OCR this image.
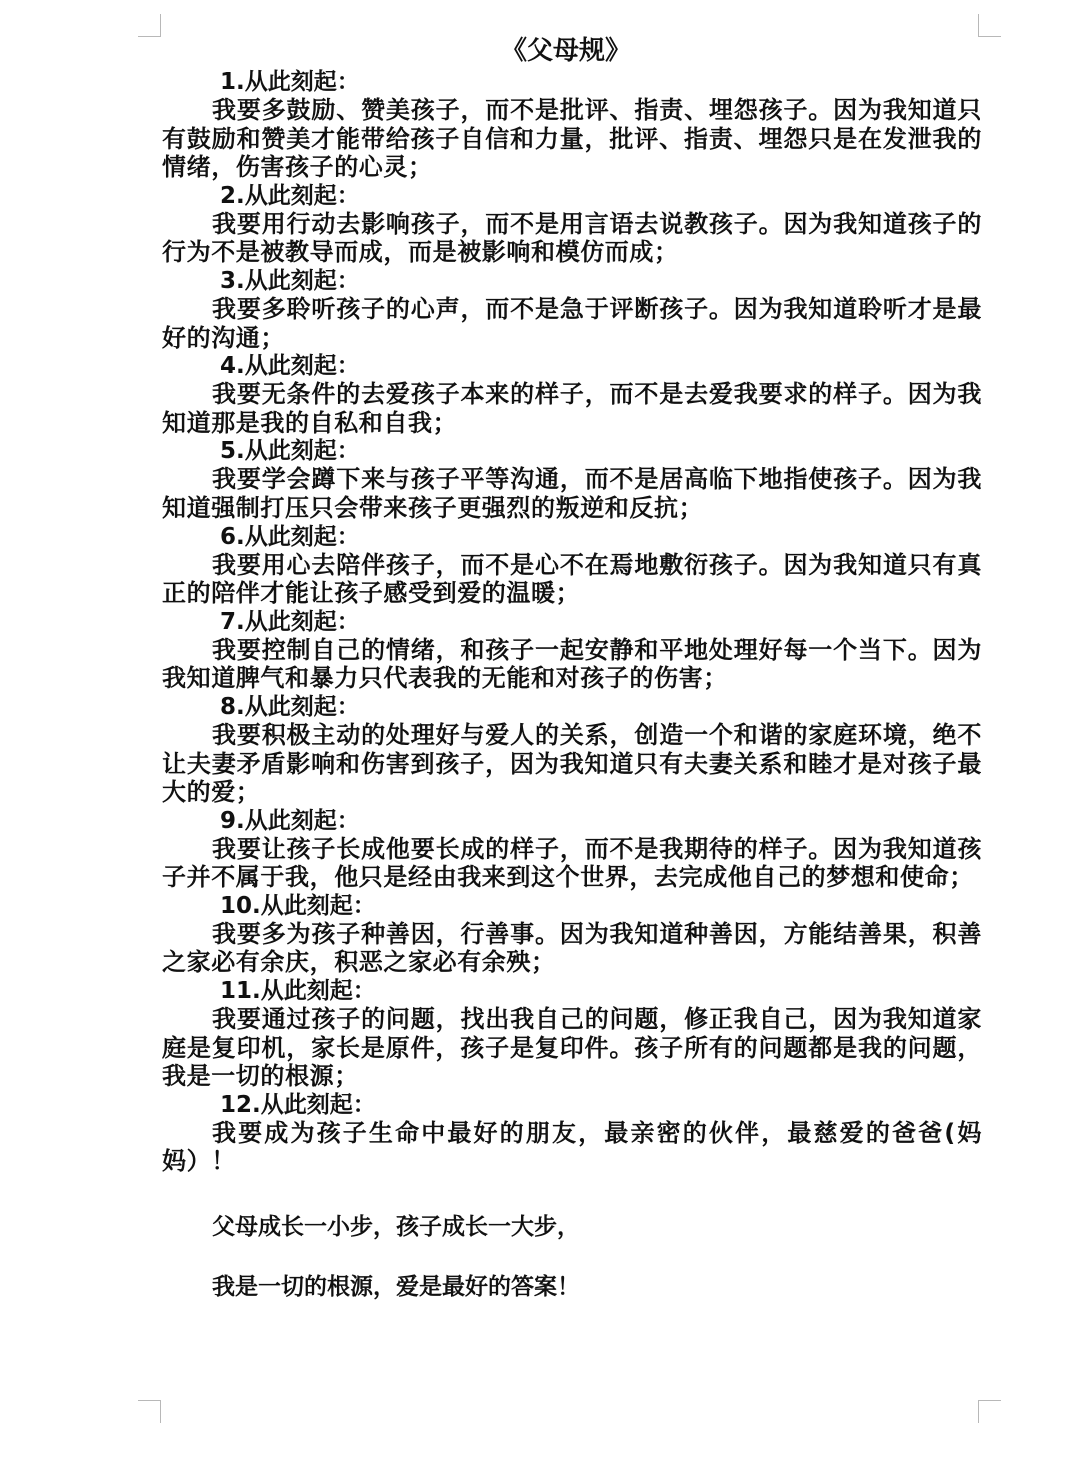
《父母规》

1.从此刻起：

我要多鼓励、赞美孩子，而不是批评、指责、埋怨孩子。因为我知道只有鼓励和赞美才能带给孩子自信和力量，批评、指责、埋怨只是在发泄我的情绪，伤害孩子的心灵；

2.从此刻起：

我要用行动去影响孩子，而不是用言语去说教孩子。因为我知道孩子的行为不是被教导而成，而是被影响和模仿而成；

3.从此刻起：

我要多聆听孩子的心声，而不是急于评断孩子。因为我知道聆听才是最好的沟通；

4.从此刻起：

我要无条件的去爱孩子本来的样子，而不是去爱我要求的样子。因为我知道那是我的自私和自我；

5.从此刻起：

我要学会蹲下来与孩子平等沟通，而不是居高临下地指使孩子。因为我知道强制打压只会带来孩子更强烈的叛逆和反抗；

6.从此刻起：

我要用心去陪伴孩子，而不是心不在焉地敷衍孩子。因为我知道只有真正的陪伴才能让孩子感受到爱的温暖；

7.从此刻起：

我要控制自己的情绪，和孩子一起安静和平地处理好每一个当下。因为我知道脾气和暴力只代表我的无能和对孩子的伤害；

8.从此刻起：

我要积极主动的处理好与爱人的关系，创造一个和谐的家庭环境，绝不让夫妻矛盾影响和伤害到孩子，因为我知道只有夫妻关系和睦才是对孩子最大的爱；

9.从此刻起：

我要让孩子长成他要长成的样子，而不是我期待的样子。因为我知道孩子并不属于我，他只是经由我来到这个世界，去完成他自己的梦想和使命；

10.从此刻起：

我要多为孩子种善因，行善事。因为我知道种善因，方能结善果，积善之家必有余庆，积恶之家必有余殃；

11.从此刻起：

我要通过孩子的问题，找出我自己的问题，修正我自己，因为我知道家庭是复印机，家长是原件，孩子是复印件。孩子所有的问题都是我的问题，我是一切的根源；

12.从此刻起：

我要成为孩子生命中最好的朋友，最亲密的伙伴，最慈爱的爸爸(妈妈）！

父母成长一小步，孩子成长一大步，

我是一切的根源，爱是最好的答案！
